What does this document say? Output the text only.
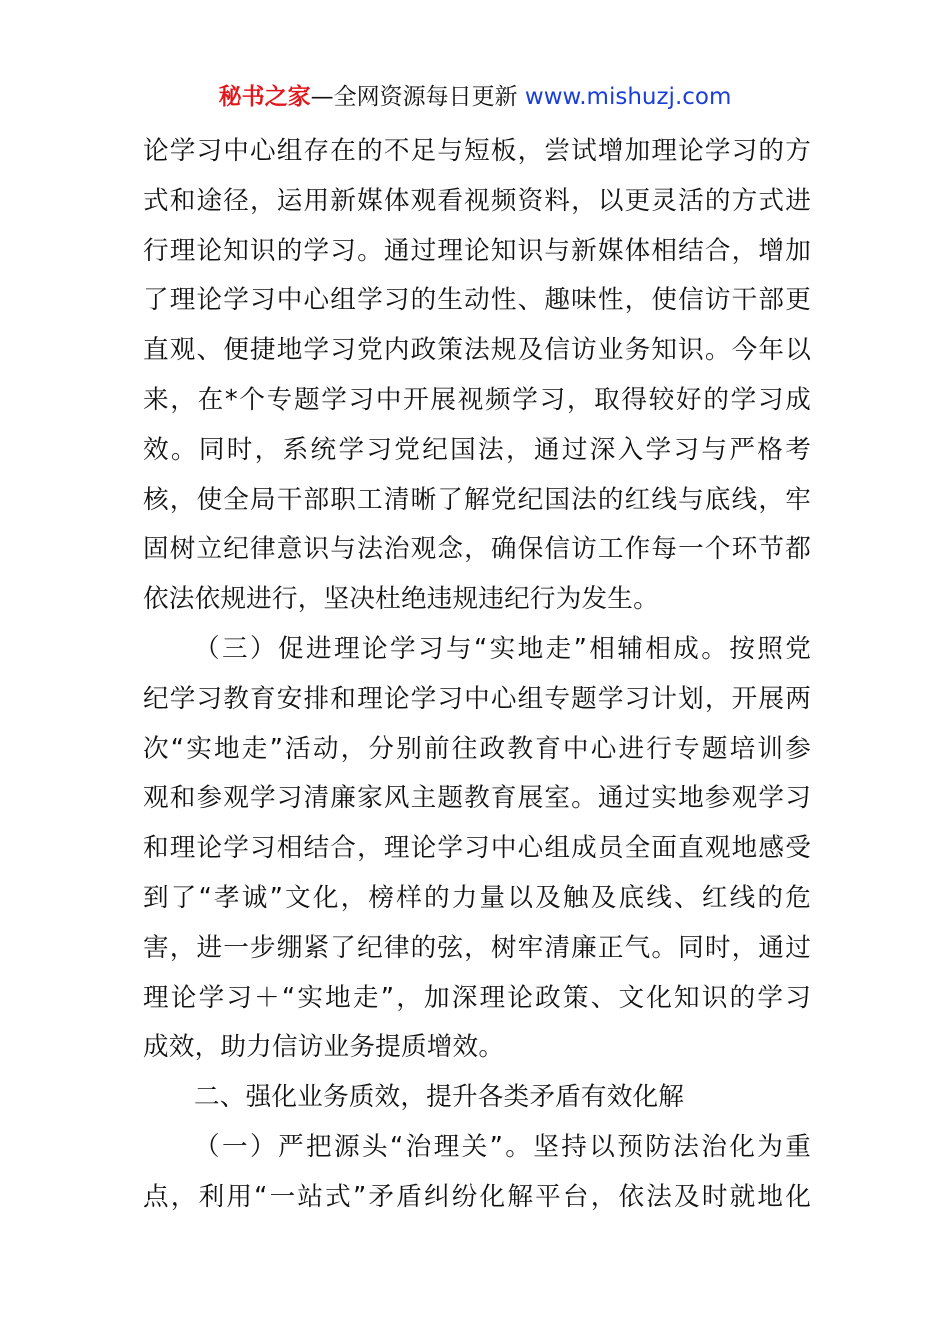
秘书之家—全网资源每日更新 www.mishuzj.com
论学习中心组存在的不足与短板，尝试增加理论学习的方
式和途径，运用新媒体观看视频资料，以更灵活的方式进
行理论知识的学习。通过理论知识与新媒体相结合，增加
了理论学习中心组学习的生动性、趣味性，使信访干部更
直观、便捷地学习党内政策法规及信访业务知识。今年以
来，在*个专题学习中开展视频学习，取得较好的学习成
效。同时，系统学习党纪国法，通过深入学习与严格考
核，使全局干部职工清晰了解党纪国法的红线与底线，牢
固树立纪律意识与法治观念，确保信访工作每一个环节都
依法依规进行，坚决杜绝违规违纪行为发生。
（三）促进理论学习与“实地走”相辅相成。按照党
纪学习教育安排和理论学习中心组专题学习计划，开展两
次“实地走”活动，分别前往政教育中心进行专题培训参
观和参观学习清廉家风主题教育展室。通过实地参观学习
和理论学习相结合，理论学习中心组成员全面直观地感受
到了“孝诚”文化，榜样的力量以及触及底线、红线的危
害，进一步绷紧了纪律的弦，树牢清廉正气。同时，通过
理论学习＋“实地走”，加深理论政策、文化知识的学习
成效，助力信访业务提质增效。
二、强化业务质效，提升各类矛盾有效化解
（一）严把源头“治理关”。坚持以预防法治化为重
点，利用“一站式”矛盾纠纷化解平台，依法及时就地化
